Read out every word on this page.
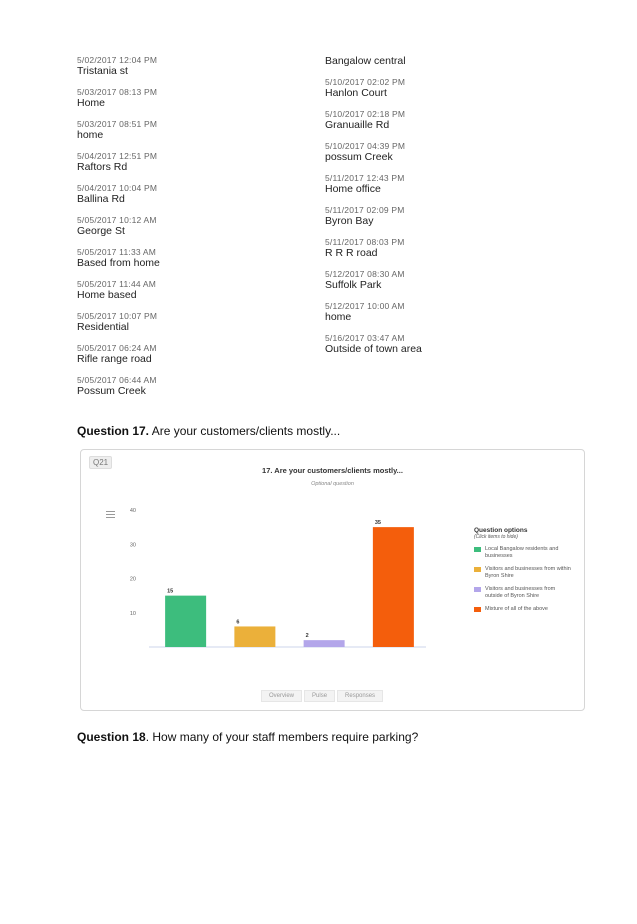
5/02/2017 12:04 PM
Tristania st
5/03/2017 08:13 PM
Home
5/03/2017 08:51 PM
home
5/04/2017 12:51 PM
Raftors Rd
5/04/2017 10:04 PM
Ballina Rd
5/05/2017 10:12 AM
George St
5/05/2017 11:33 AM
Based from home
5/05/2017 11:44 AM
Home based
5/05/2017 10:07 PM
Residential
5/05/2017 06:24 AM
Rifle range road
5/05/2017 06:44 AM
Possum Creek
Bangalow central
5/10/2017 02:02 PM
Hanlon Court
5/10/2017 02:18 PM
Granuaille Rd
5/10/2017 04:39 PM
possum Creek
5/11/2017 12:43 PM
Home office
5/11/2017 02:09 PM
Byron Bay
5/11/2017 08:03 PM
R R R road
5/12/2017 08:30 AM
Suffolk Park
5/12/2017 10:00 AM
home
5/16/2017 03:47 AM
Outside of town area
Question 17. Are your customers/clients mostly...
Q21
17. Are your customers/clients mostly...
Optional question
10
20
30
40
15
6
2
35
Question options
(Click items to hide)
Local Bangalow residents and businesses
Visitors and businesses from within Byron Shire
Visitors and businesses from outside of Byron Shire
Mixture of all of the above
Overview	Pulse	Responses
Question 18. How many of your staff members require parking?
